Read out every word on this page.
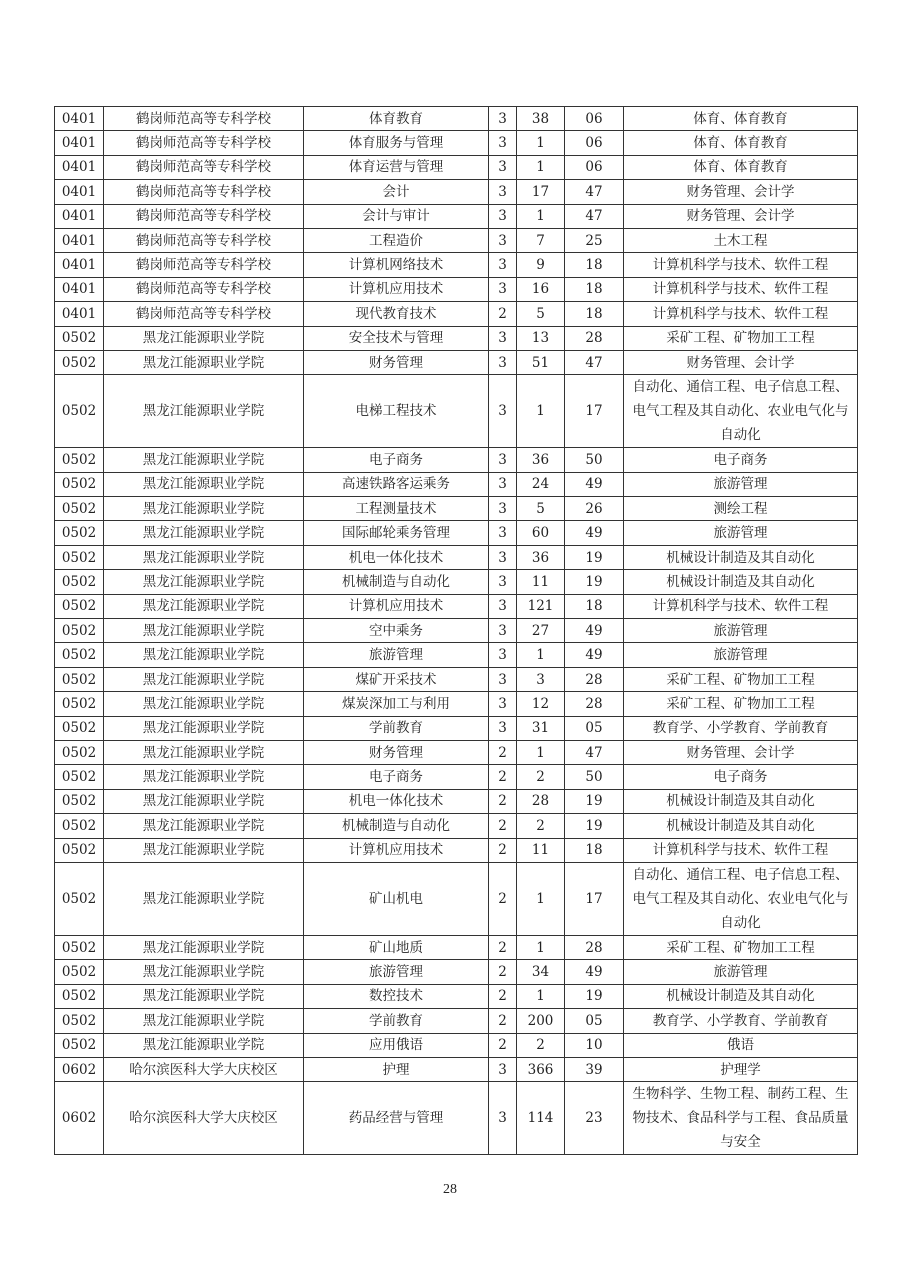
0401	鹤岗师范高等专科学校	体育教育	3	38	06	体育、体育教育
0401	鹤岗师范高等专科学校	体育服务与管理	3	1	06	体育、体育教育
0401	鹤岗师范高等专科学校	体育运营与管理	3	1	06	体育、体育教育
0401	鹤岗师范高等专科学校	会计	3	17	47	财务管理、会计学
0401	鹤岗师范高等专科学校	会计与审计	3	1	47	财务管理、会计学
0401	鹤岗师范高等专科学校	工程造价	3	7	25	土木工程
0401	鹤岗师范高等专科学校	计算机网络技术	3	9	18	计算机科学与技术、软件工程
0401	鹤岗师范高等专科学校	计算机应用技术	3	16	18	计算机科学与技术、软件工程
0401	鹤岗师范高等专科学校	现代教育技术	2	5	18	计算机科学与技术、软件工程
0502	黑龙江能源职业学院	安全技术与管理	3	13	28	采矿工程、矿物加工工程
0502	黑龙江能源职业学院	财务管理	3	51	47	财务管理、会计学
0502	黑龙江能源职业学院	电梯工程技术	3	1	17	自动化、通信工程、电子信息工程、电气工程及其自动化、农业电气化与自动化
0502	黑龙江能源职业学院	电子商务	3	36	50	电子商务
0502	黑龙江能源职业学院	高速铁路客运乘务	3	24	49	旅游管理
0502	黑龙江能源职业学院	工程测量技术	3	5	26	测绘工程
0502	黑龙江能源职业学院	国际邮轮乘务管理	3	60	49	旅游管理
0502	黑龙江能源职业学院	机电一体化技术	3	36	19	机械设计制造及其自动化
0502	黑龙江能源职业学院	机械制造与自动化	3	11	19	机械设计制造及其自动化
0502	黑龙江能源职业学院	计算机应用技术	3	121	18	计算机科学与技术、软件工程
0502	黑龙江能源职业学院	空中乘务	3	27	49	旅游管理
0502	黑龙江能源职业学院	旅游管理	3	1	49	旅游管理
0502	黑龙江能源职业学院	煤矿开采技术	3	3	28	采矿工程、矿物加工工程
0502	黑龙江能源职业学院	煤炭深加工与利用	3	12	28	采矿工程、矿物加工工程
0502	黑龙江能源职业学院	学前教育	3	31	05	教育学、小学教育、学前教育
0502	黑龙江能源职业学院	财务管理	2	1	47	财务管理、会计学
0502	黑龙江能源职业学院	电子商务	2	2	50	电子商务
0502	黑龙江能源职业学院	机电一体化技术	2	28	19	机械设计制造及其自动化
0502	黑龙江能源职业学院	机械制造与自动化	2	2	19	机械设计制造及其自动化
0502	黑龙江能源职业学院	计算机应用技术	2	11	18	计算机科学与技术、软件工程
0502	黑龙江能源职业学院	矿山机电	2	1	17	自动化、通信工程、电子信息工程、电气工程及其自动化、农业电气化与自动化
0502	黑龙江能源职业学院	矿山地质	2	1	28	采矿工程、矿物加工工程
0502	黑龙江能源职业学院	旅游管理	2	34	49	旅游管理
0502	黑龙江能源职业学院	数控技术	2	1	19	机械设计制造及其自动化
0502	黑龙江能源职业学院	学前教育	2	200	05	教育学、小学教育、学前教育
0502	黑龙江能源职业学院	应用俄语	2	2	10	俄语
0602	哈尔滨医科大学大庆校区	护理	3	366	39	护理学
0602	哈尔滨医科大学大庆校区	药品经营与管理	3	114	23	生物科学、生物工程、制药工程、生物技术、食品科学与工程、食品质量与安全
28
